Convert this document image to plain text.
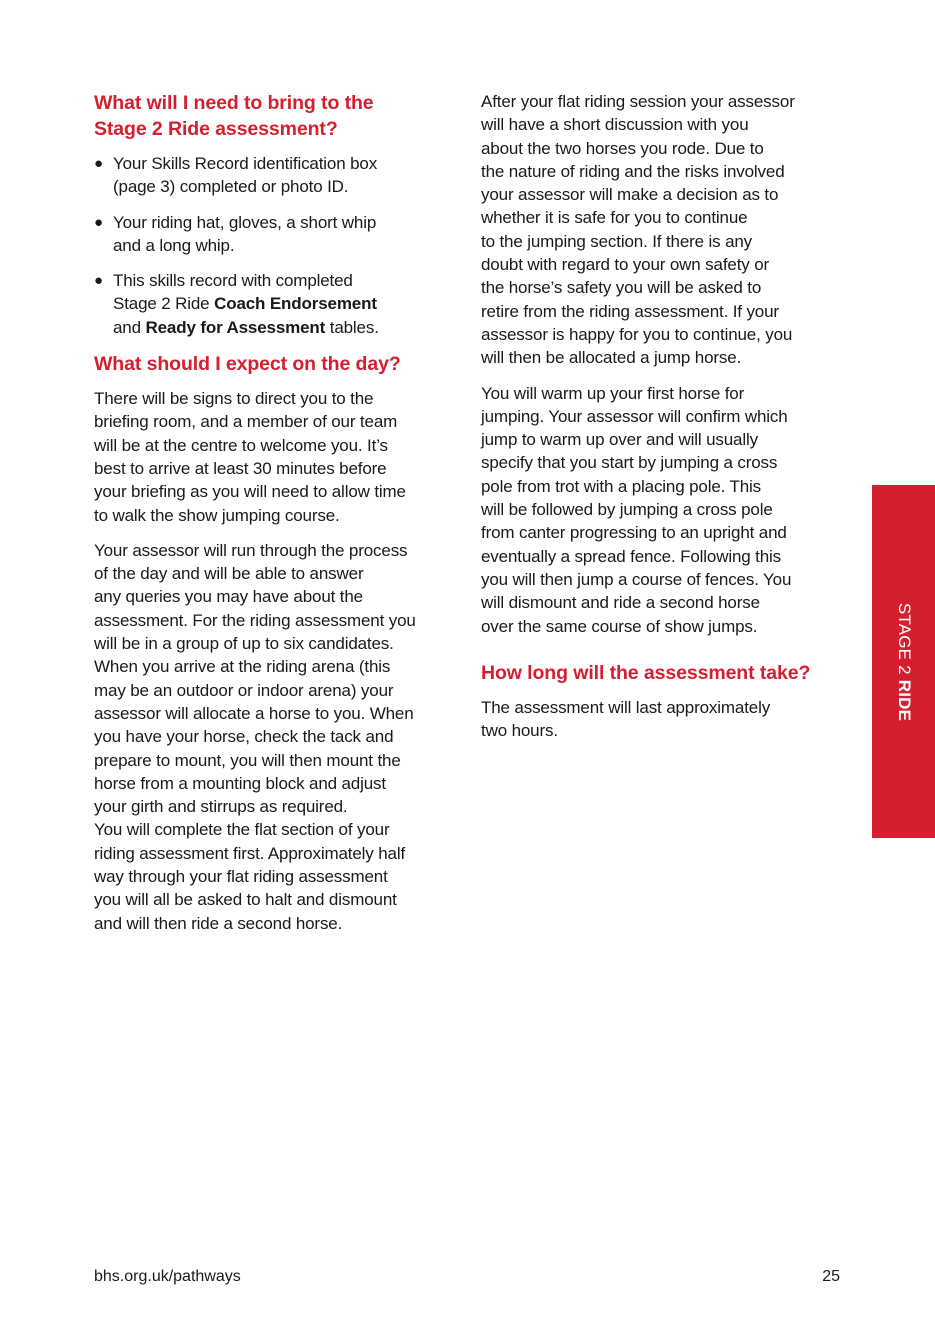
What will I need to bring to the
Stage 2 Ride assessment?
● Your Skills Record identification box
(page 3) completed or photo ID.
● Your riding hat, gloves, a short whip
and a long whip.
● This skills record with completed
Stage 2 Ride Coach Endorsement
and Ready for Assessment tables.
What should I expect on the day?

There will be signs to direct you to the
briefing room, and a member of our team
will be at the centre to welcome you. It’s
best to arrive at least 30 minutes before
your briefing as you will need to allow time
to walk the show jumping course.

Your assessor will run through the process
of the day and will be able to answer
any queries you may have about the
assessment. For the riding assessment you
will be in a group of up to six candidates.
When you arrive at the riding arena (this
may be an outdoor or indoor arena) your
assessor will allocate a horse to you. When
you have your horse, check the tack and
prepare to mount, you will then mount the
horse from a mounting block and adjust
your girth and stirrups as required.
You will complete the flat section of your
riding assessment first. Approximately half
way through your flat riding assessment
you will all be asked to halt and dismount
and will then ride a second horse.

After your flat riding session your assessor
will have a short discussion with you
about the two horses you rode. Due to
the nature of riding and the risks involved
your assessor will make a decision as to
whether it is safe for you to continue
to the jumping section. If there is any
doubt with regard to your own safety or
the horse’s safety you will be asked to
retire from the riding assessment. If your
assessor is happy for you to continue, you
will then be allocated a jump horse.

You will warm up your first horse for
jumping. Your assessor will confirm which
jump to warm up over and will usually
specify that you start by jumping a cross
pole from trot with a placing pole. This
will be followed by jumping a cross pole
from canter progressing to an upright and
eventually a spread fence. Following this
you will then jump a course of fences. You
will dismount and ride a second horse
over the same course of show jumps.

How long will the assessment take?

The assessment will last approximately
two hours.

STAGE 2 RIDE
bhs.org.uk/pathways	25
